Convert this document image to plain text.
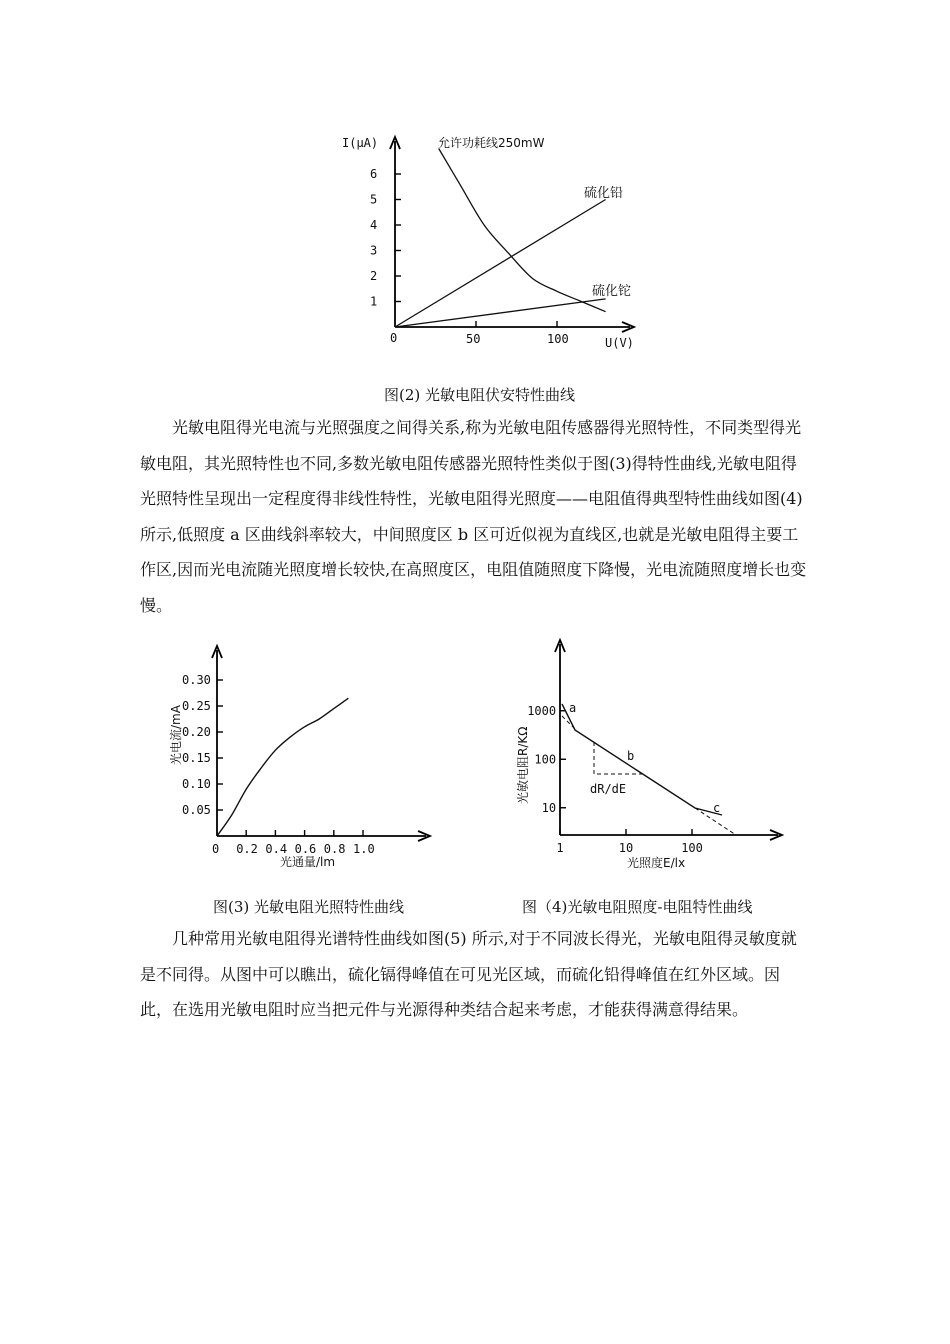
I(μA)
U(V)
0
允许功耗线250mW
硫化铅
硫化铊
1
2
3
4
5
6
50	100
图(2) 光敏电阻伏安特性曲线

光敏电阻得光电流与光照强度之间得关系,称为光敏电阻传感器得光照特性，不同类型得光敏电阻，其光照特性也不同,多数光敏电阻传感器光照特性类似于图(3)得特性曲线,光敏电阻得光照特性呈现出一定程度得非线性特性，光敏电阻得光照度——电阻值得典型特性曲线如图(4) 所示,低照度 a 区曲线斜率较大，中间照度区 b 区可近似视为直线区,也就是光敏电阻得主要工作区,因而光电流随光照度增长较快,在高照度区，电阻值随照度下降慢，光电流随照度增长也变慢。

0
光通量/lm
光电流/mA
0.05
0.10
0.15
0.20
0.25
0.30
0.2 0.4 0.6 0.8 1.0
图(3) 光敏电阻光照特性曲线
a
b
c
dR/dE
光照度E/lx
光敏电阻R/KΩ
10
100
1000
1	10	100
图（4)光敏电阻照度-电阻特性曲线

几种常用光敏电阻得光谱特性曲线如图(5) 所示,对于不同波长得光，光敏电阻得灵敏度就是不同得。从图中可以瞧出，硫化镉得峰值在可见光区域，而硫化铅得峰值在红外区域。因此，在选用光敏电阻时应当把元件与光源得种类结合起来考虑，才能获得满意得结果。
